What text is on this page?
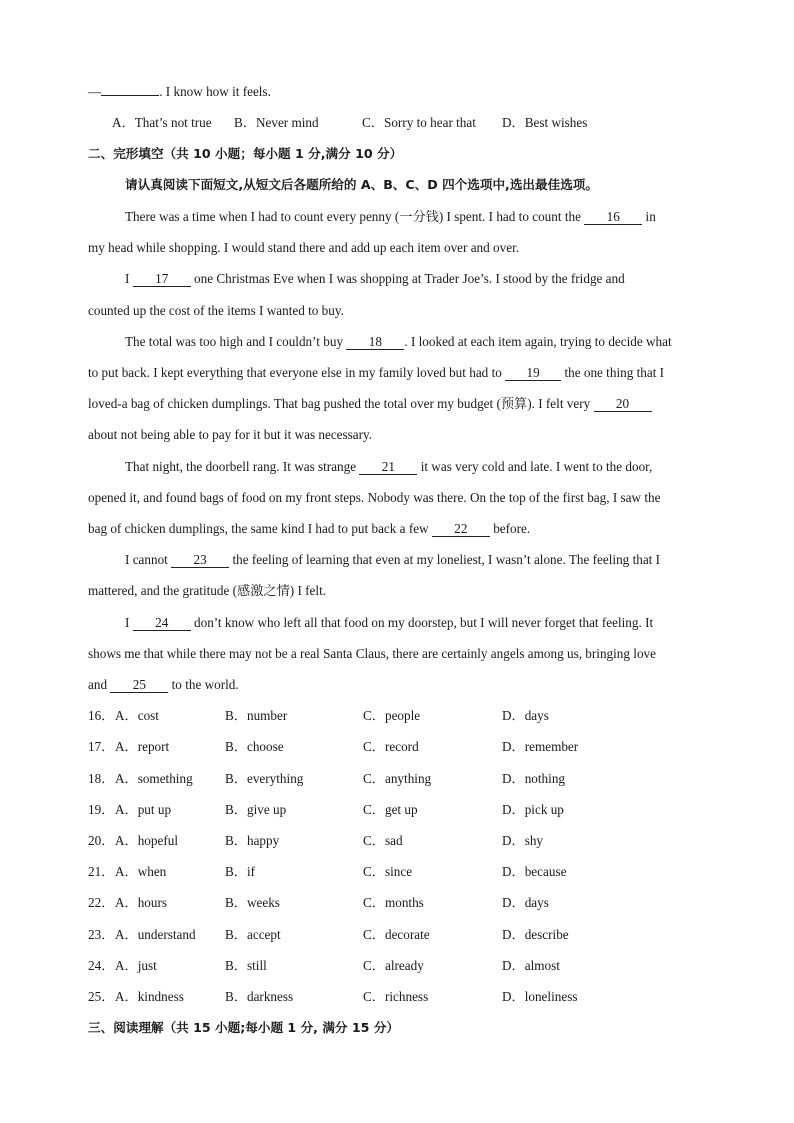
—	. I know how it feels.
A．That’s not true B．Never mind	C．Sorry to hear that D．Best wishes
二、完形填空（共 10 小题；每小题 1 分,满分 10 分）
请认真阅读下面短文,从短文后各题所给的 A、B、C、D 四个选项中,选出最佳选项。
There was a time when I had to count every penny (一分钱) I spent. I had to count the 16 in
my head while shopping. I would stand there and add up each item over and over.
I 17 one Christmas Eve when I was shopping at Trader Joe’s. I stood by the fridge and
counted up the cost of the items I wanted to buy.
The total was too high and I couldn’t buy 18 . I looked at each item again, trying to decide what
to put back. I kept everything that everyone else in my family loved but had to 19 the one thing that I
loved-a bag of chicken dumplings. That bag pushed the total over my budget (预算). I felt very 20
about not being able to pay for it but it was necessary.
That night, the doorbell rang. It was strange 21 it was very cold and late. I went to the door,
opened it, and found bags of food on my front steps. Nobody was there. On the top of the first bag, I saw the
bag of chicken dumplings, the same kind I had to put back a few 22 before.
I cannot 23 the feeling of learning that even at my loneliest, I wasn’t alone. The feeling that I
mattered, and the gratitude (感激之情) I felt.
I 24 don’t know who left all that food on my doorstep, but I will never forget that feeling. It
shows me that while there may not be a real Santa Claus, there are certainly angels among us, bringing love
and 25 to the world.
16． A．cost	B．number	C．people	D．days
17． A．report	B．choose	C．record	D．remember
18． A．something B．everything	C．anything	D．nothing
19． A．put up	B．give up	C．get up	D．pick up
20． A．hopeful	B．happy	C．sad	D．shy
21． A．when	B．if	C．since	D．because
22． A．hours	B．weeks	C．months	D．days
23． A．understand B．accept	C．decorate	D．describe
24． A．just	B．still	C．already	D．almost
25． A．kindness	B．darkness	C．richness	D．loneliness
三、阅读理解（共 15 小题;每小题 1 分, 满分 15 分）
